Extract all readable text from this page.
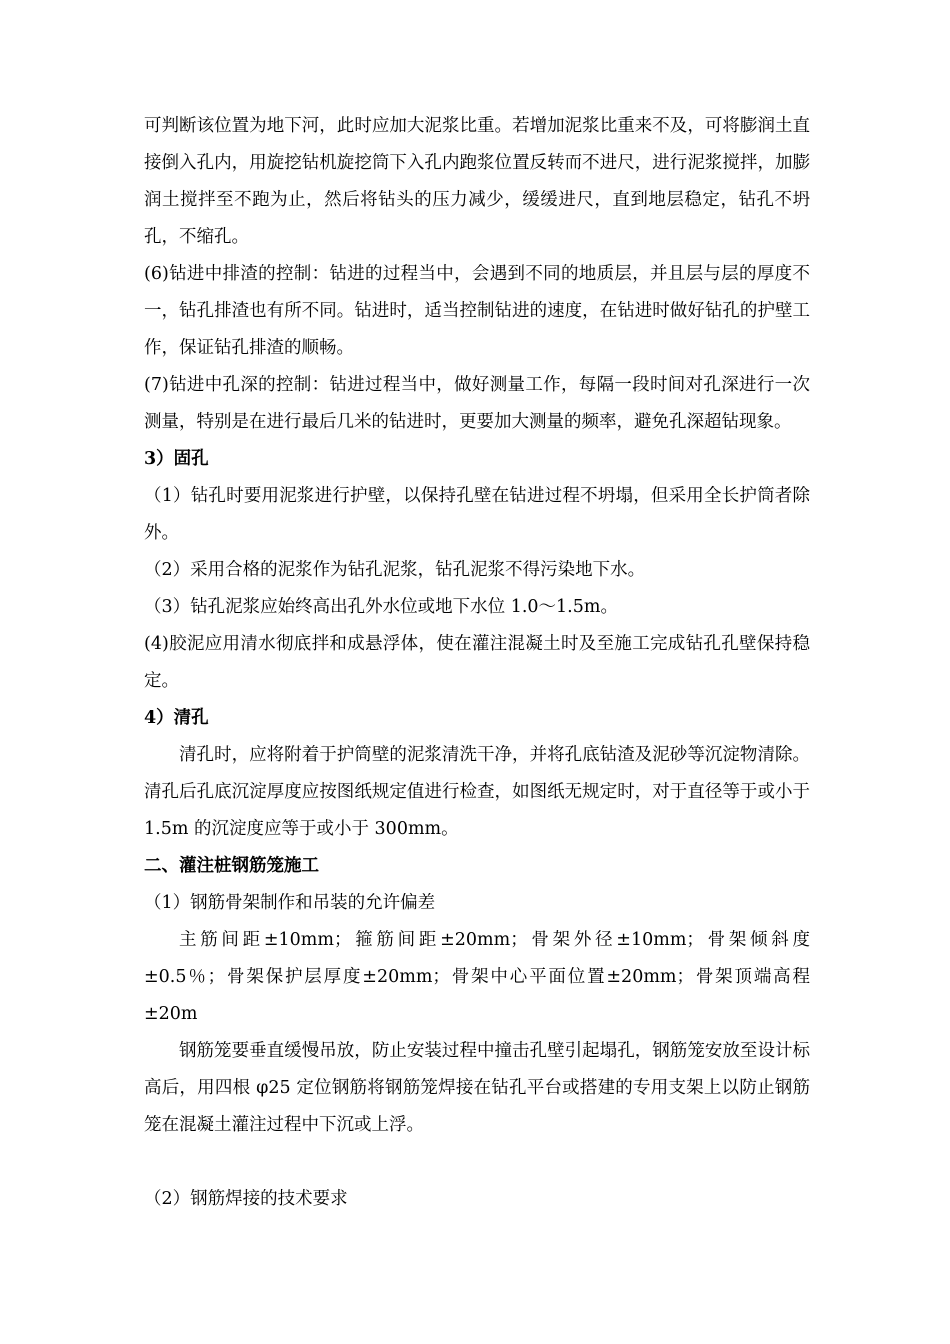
可判断该位置为地下河，此时应加大泥浆比重。若增加泥浆比重来不及，可将膨润土直接倒入孔内，用旋挖钻机旋挖筒下入孔内跑浆位置反转而不进尺，进行泥浆搅拌，加膨润土搅拌至不跑为止，然后将钻头的压力减少，缓缓进尺，直到地层稳定，钻孔不坍孔，不缩孔。

(6)钻进中排渣的控制：钻进的过程当中，会遇到不同的地质层，并且层与层的厚度不一，钻孔排渣也有所不同。钻进时，适当控制钻进的速度，在钻进时做好钻孔的护壁工作，保证钻孔排渣的顺畅。

(7)钻进中孔深的控制：钻进过程当中，做好测量工作，每隔一段时间对孔深进行一次测量，特别是在进行最后几米的钻进时，更要加大测量的频率，避免孔深超钻现象。

3）固孔

（1）钻孔时要用泥浆进行护壁，以保持孔壁在钻进过程不坍塌，但采用全长护筒者除外。

（2）采用合格的泥浆作为钻孔泥浆，钻孔泥浆不得污染地下水。

（3）钻孔泥浆应始终高出孔外水位或地下水位 1.0～1.5m。

(4)胶泥应用清水彻底拌和成悬浮体，使在灌注混凝土时及至施工完成钻孔孔壁保持稳定。

4）清孔

清孔时，应将附着于护筒壁的泥浆清洗干净，并将孔底钻渣及泥砂等沉淀物清除。清孔后孔底沉淀厚度应按图纸规定值进行检查，如图纸无规定时，对于直径等于或小于 1.5m 的沉淀度应等于或小于 300mm。

二、灌注桩钢筋笼施工

（1）钢筋骨架制作和吊装的允许偏差

主筋间距±10mm；箍筋间距±20mm；骨架外径±10mm；骨架倾斜度±0.5％；骨架保护层厚度±20mm；骨架中心平面位置±20mm；骨架顶端高程±20m

钢筋笼要垂直缓慢吊放，防止安装过程中撞击孔壁引起塌孔，钢筋笼安放至设计标高后，用四根 φ25 定位钢筋将钢筋笼焊接在钻孔平台或搭建的专用支架上以防止钢筋笼在混凝土灌注过程中下沉或上浮。

（2）钢筋焊接的技术要求
